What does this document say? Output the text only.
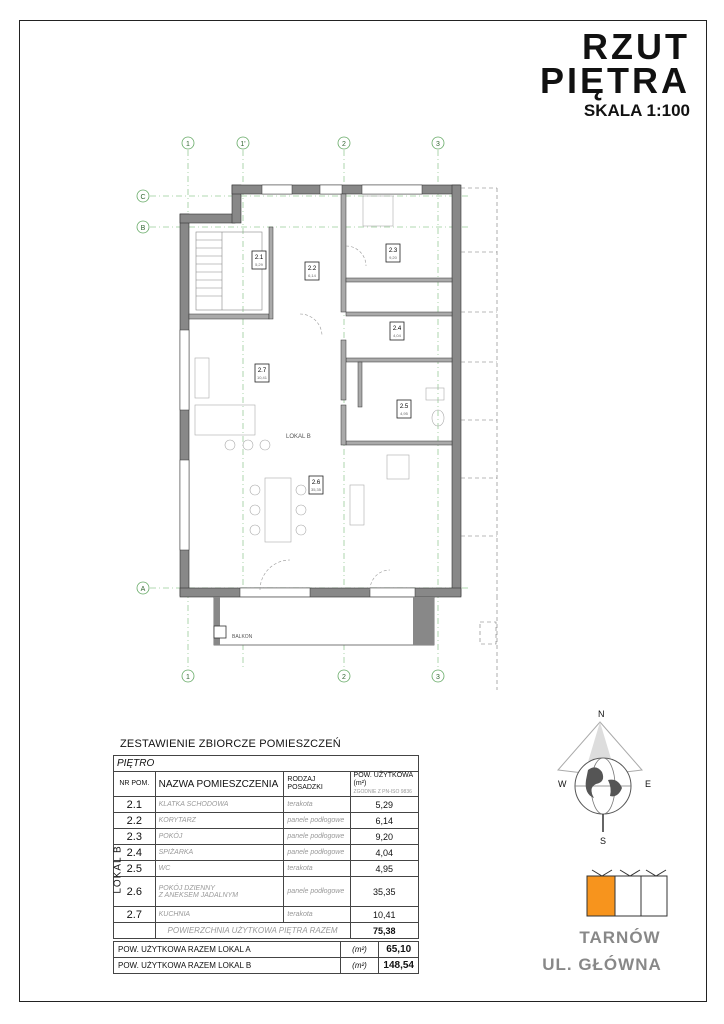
RZUT
PIĘTRA
SKALA 1:100
1	1'	2	3
1	2	3
C
B
A
BALKON
2.1
5,29
2.2
6,14
2.3
9,20
2.4
4,04
2.5
4,95
2.6
35,35
2.7
10,41
LOKAL B
N
W	E
S
ZESTAWIENIE ZBIORCZE POMIESZCZEŃ
PIĘTRO			
NR POM.	NAZWA POMIESZCZENIA	RODZAJ POSADZKI	POW. UŻYTKOWA (m²)
ZGODNIE Z PN-ISO 9836
2.1	KLATKA SCHODOWA	terakota	5,29
2.2	KORYTARZ	panele podłogowe	6,14
2.3	POKÓJ	panele podłogowe	9,20
2.4	SPIŻARKA	panele podłogowe	4,04
2.5	WC	terakota	4,95
2.6	POKÓJ DZIENNY
Z ANEKSEM JADALNYM	panele podłogowe	35,35
2.7	KUCHNIA	terakota	10,41
	POWIERZCHNIA UŻYTKOWA PIĘTRA RAZEM		75,38
LOKAL B
POW. UŻYTKOWA RAZEM LOKAL A	(m²)	65,10
POW. UŻYTKOWA RAZEM LOKAL B	(m²)	148,54
TARNÓW
UL. GŁÓWNA
